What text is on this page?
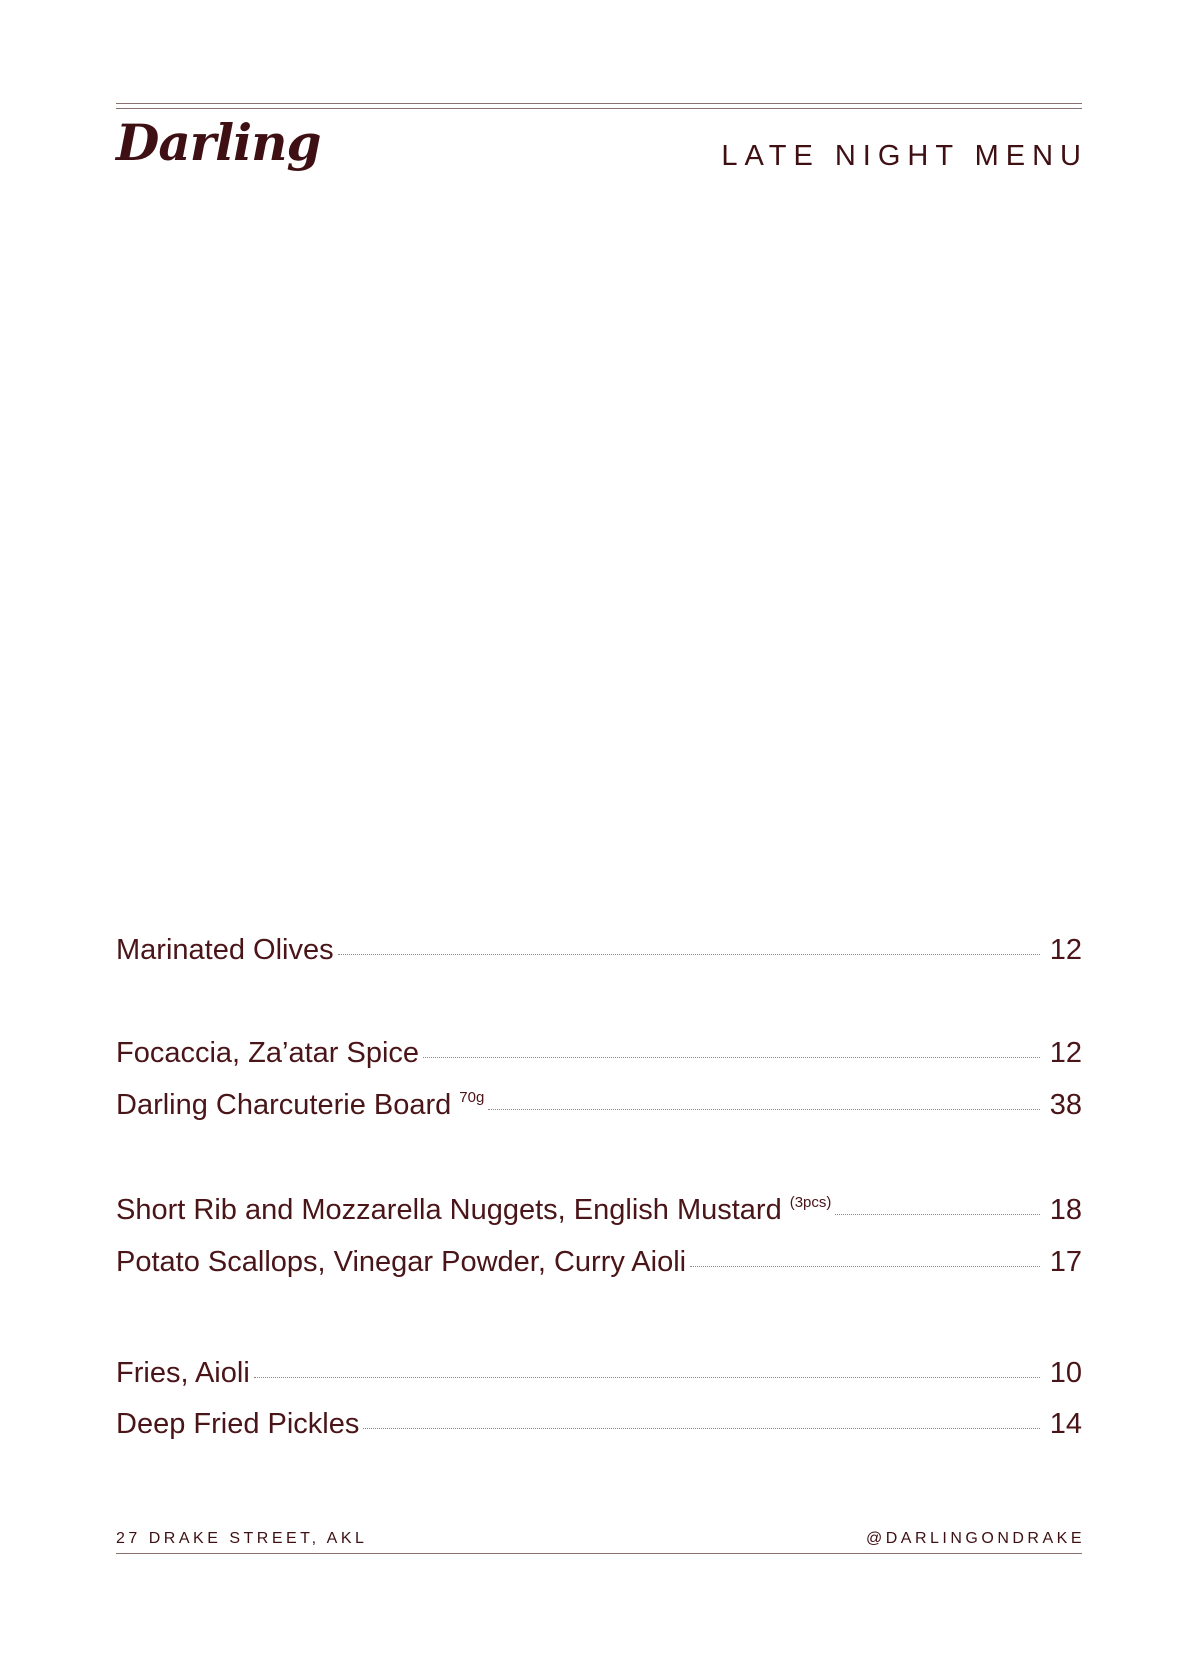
Darling	LATE NIGHT MENU
Marinated Olives	12
Focaccia, Za’atar Spice	12
Darling Charcuterie Board 70g	38
Short Rib and Mozzarella Nuggets, English Mustard (3pcs)	18
Potato Scallops, Vinegar Powder, Curry Aioli	17
Fries, Aioli	10
Deep Fried Pickles	14
27 DRAKE STREET, AKL	@DARLINGONDRAKE
